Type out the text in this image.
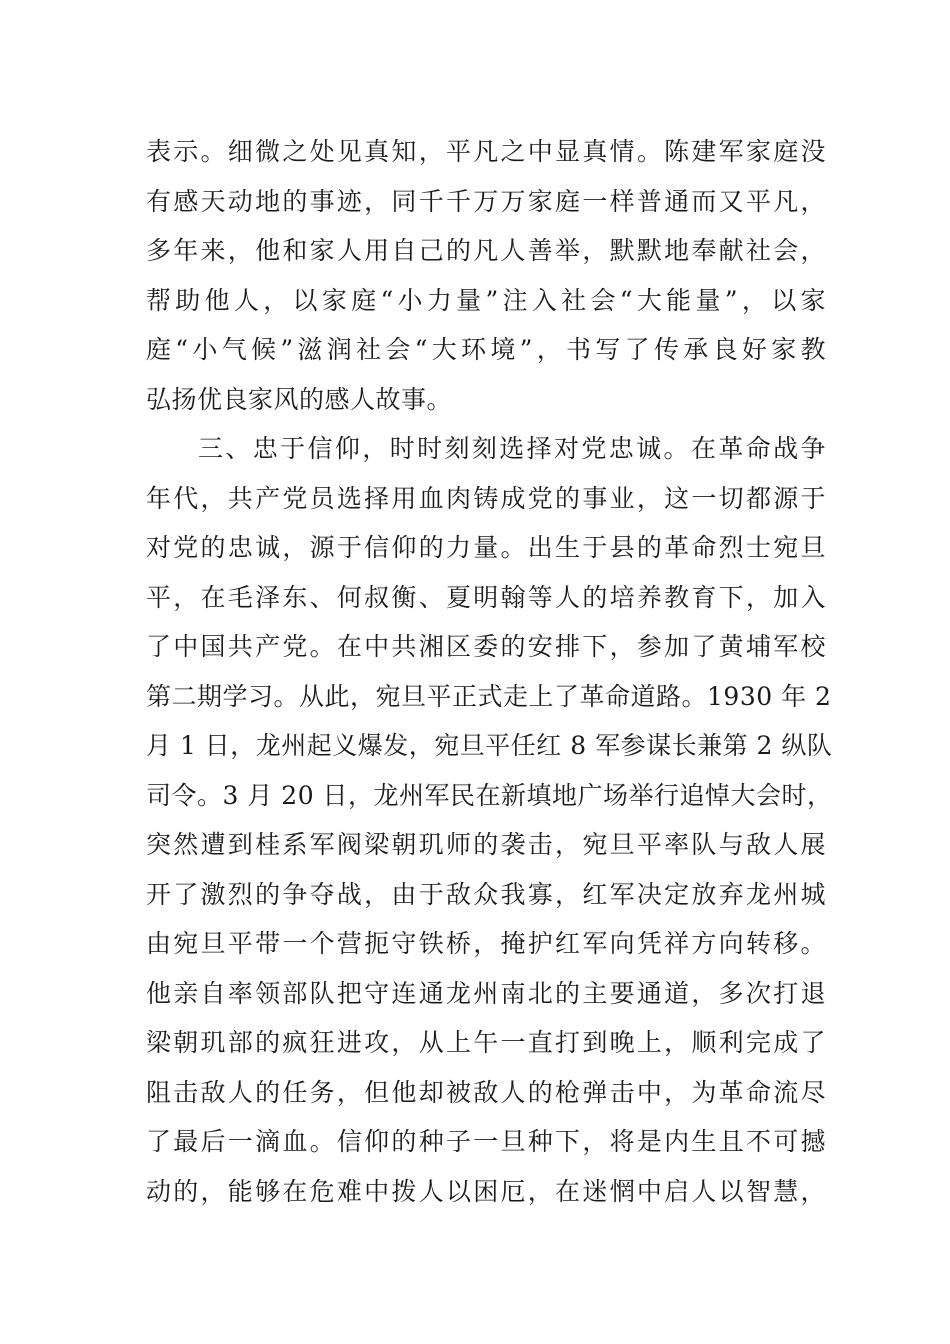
表示。细微之处见真知，平凡之中显真情。陈建军家庭没
有感天动地的事迹，同千千万万家庭一样普通而又平凡，
多年来，他和家人用自己的凡人善举，默默地奉献社会，
帮助他人，以家庭“小力量”注入社会“大能量”，以家
庭“小气候”滋润社会“大环境”，书写了传承良好家教
弘扬优良家风的感人故事。
三、忠于信仰，时时刻刻选择对党忠诚。在革命战争
年代，共产党员选择用血肉铸成党的事业，这一切都源于
对党的忠诚，源于信仰的力量。出生于县的革命烈士宛旦
平，在毛泽东、何叔衡、夏明翰等人的培养教育下，加入
了中国共产党。在中共湘区委的安排下，参加了黄埔军校
第二期学习。从此，宛旦平正式走上了革命道路。1930 年 2
月 1 日，龙州起义爆发，宛旦平任红 8 军参谋长兼第 2 纵队
司令。3 月 20 日，龙州军民在新填地广场举行追悼大会时，
突然遭到桂系军阀梁朝玑师的袭击，宛旦平率队与敌人展
开了激烈的争夺战，由于敌众我寡，红军决定放弃龙州城
由宛旦平带一个营扼守铁桥，掩护红军向凭祥方向转移。
他亲自率领部队把守连通龙州南北的主要通道，多次打退
梁朝玑部的疯狂进攻，从上午一直打到晚上，顺利完成了
阻击敌人的任务，但他却被敌人的枪弹击中，为革命流尽
了最后一滴血。信仰的种子一旦种下，将是内生且不可撼
动的，能够在危难中拨人以困厄，在迷惘中启人以智慧，
